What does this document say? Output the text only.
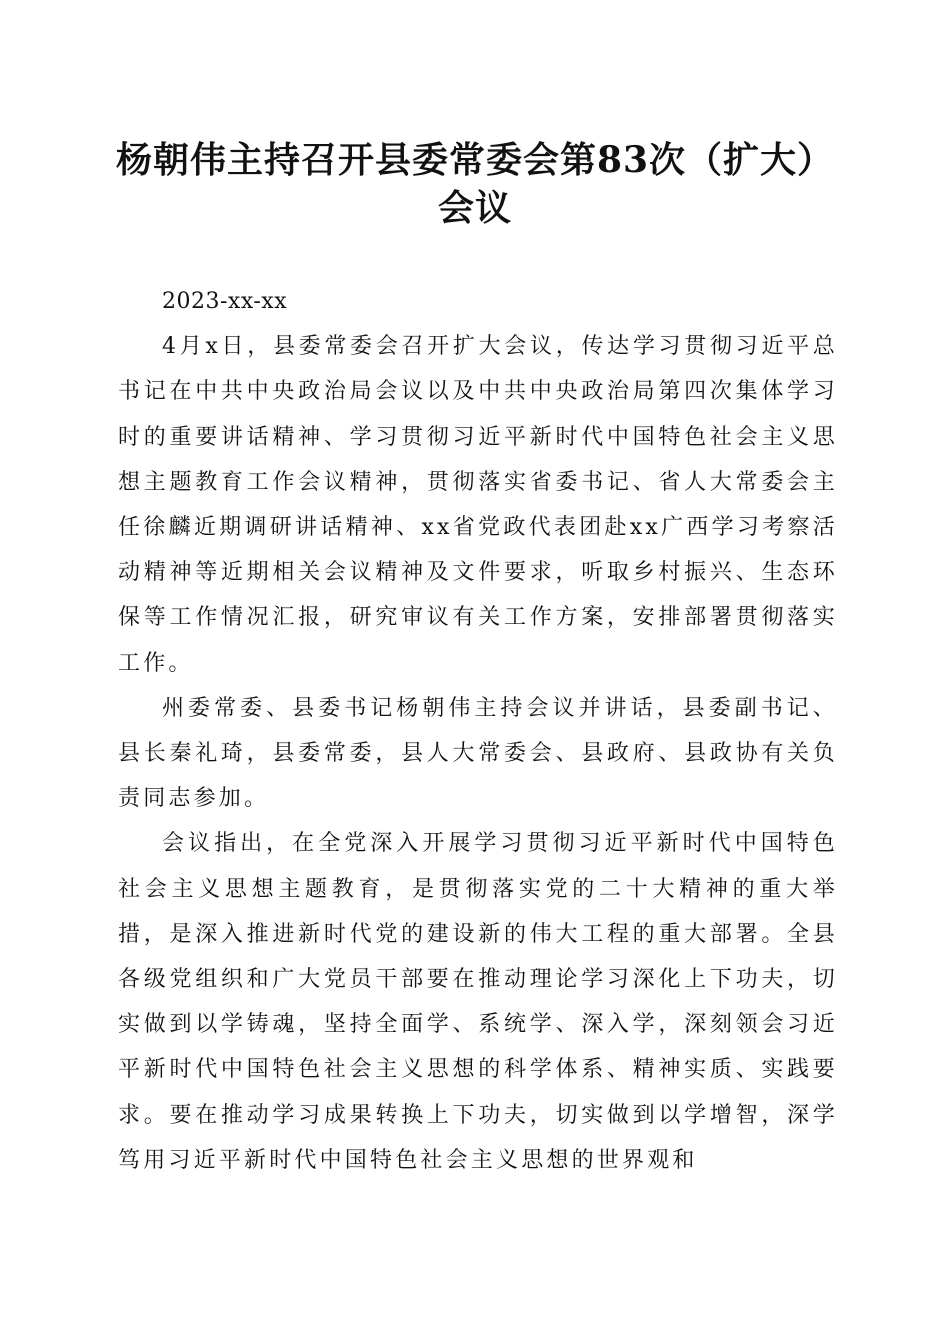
杨朝伟主持召开县委常委会第83次（扩大）
会议

2023-xx-xx

4月x日，县委常委会召开扩大会议，传达学习贯彻习近平总书记在中共中央政治局会议以及中共中央政治局第四次集体学习时的重要讲话精神、学习贯彻习近平新时代中国特色社会主义思想主题教育工作会议精神，贯彻落实省委书记、省人大常委会主任徐麟近期调研讲话精神、xx省党政代表团赴xx广西学习考察活动精神等近期相关会议精神及文件要求，听取乡村振兴、生态环保等工作情况汇报，研究审议有关工作方案，安排部署贯彻落实工作。

州委常委、县委书记杨朝伟主持会议并讲话，县委副书记、县长秦礼琦，县委常委，县人大常委会、县政府、县政协有关负责同志参加。

会议指出，在全党深入开展学习贯彻习近平新时代中国特色社会主义思想主题教育，是贯彻落实党的二十大精神的重大举措，是深入推进新时代党的建设新的伟大工程的重大部署。全县各级党组织和广大党员干部要在推动理论学习深化上下功夫，切实做到以学铸魂，坚持全面学、系统学、深入学，深刻领会习近平新时代中国特色社会主义思想的科学体系、精神实质、实践要求。要在推动学习成果转换上下功夫，切实做到以学增智，深学笃用习近平新时代中国特色社会主义思想的世界观和
